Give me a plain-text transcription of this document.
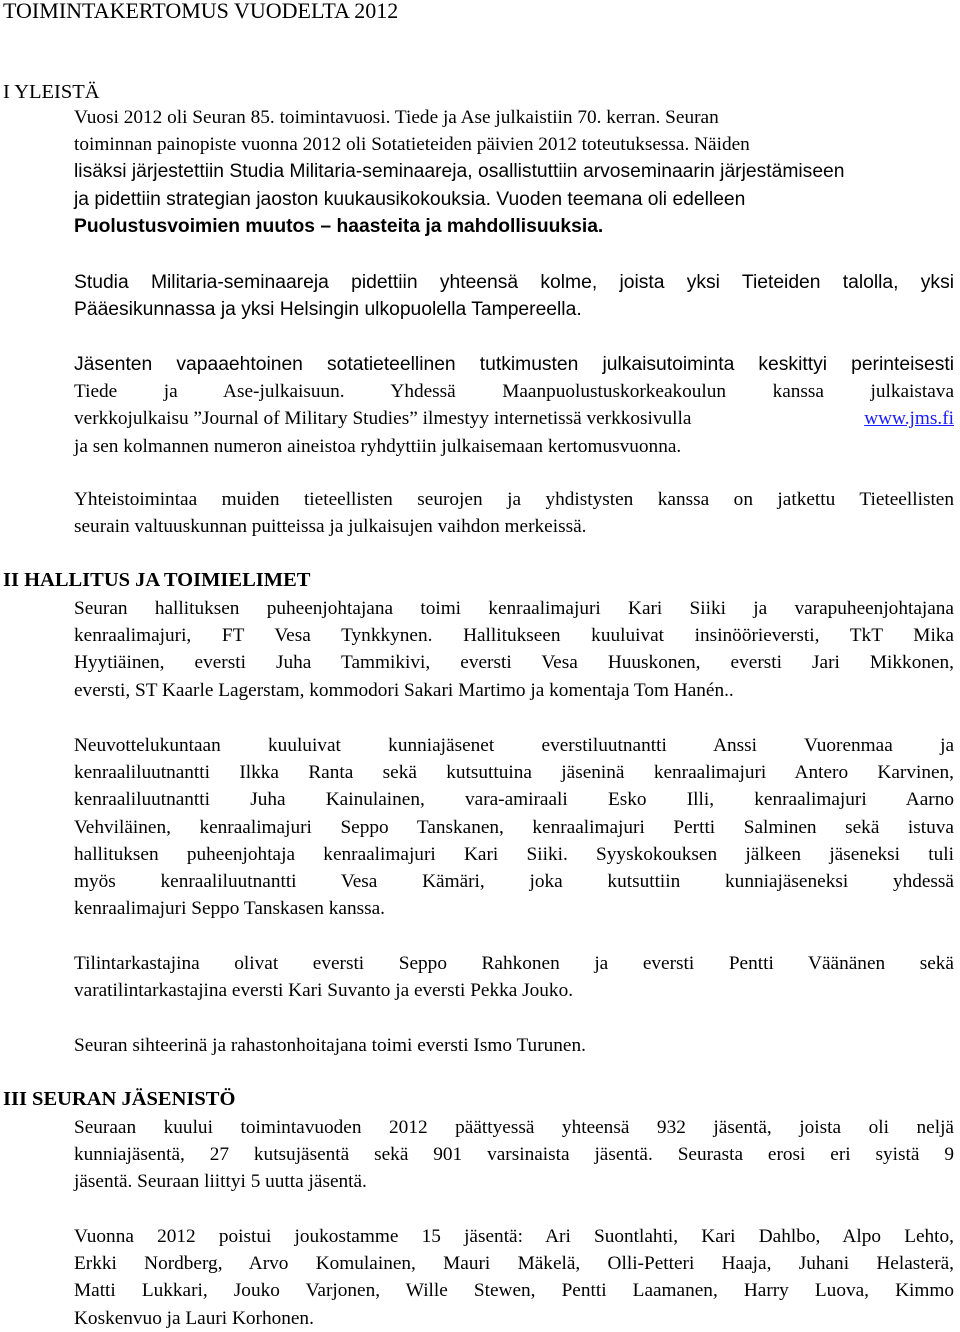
TOIMINTAKERTOMUS VUODELTA 2012
I YLEISTÄ
Vuosi 2012 oli Seuran 85. toimintavuosi. Tiede ja Ase julkaistiin 70. kerran. Seuran
toiminnan painopiste vuonna 2012 oli Sotatieteiden päivien 2012 toteutuksessa. Näiden
lisäksi järjestettiin Studia Militaria-seminaareja, osallistuttiin arvoseminaarin järjestämiseen
ja pidettiin strategian jaoston kuukausikokouksia. Vuoden teemana oli edelleen
Puolustusvoimien muutos – haasteita ja mahdollisuuksia.
Studia Militaria-seminaareja pidettiin yhteensä kolme, joista yksi Tieteiden talolla, yksi
Pääesikunnassa ja yksi Helsingin ulkopuolella Tampereella.
Jäsenten vapaaehtoinen sotatieteellinen tutkimusten julkaisutoiminta keskittyi perinteisesti
Tiede ja Ase-julkaisuun. Yhdessä Maanpuolustuskorkeakoulun kanssa julkaistava
verkkojulkaisu ”Journal of Military Studies” ilmestyy internetissä verkkosivulla	www.jms.fi
ja sen kolmannen numeron aineistoa ryhdyttiin julkaisemaan kertomusvuonna.
Yhteistoimintaa muiden tieteellisten seurojen ja yhdistysten kanssa on jatkettu Tieteellisten
seurain valtuuskunnan puitteissa ja julkaisujen vaihdon merkeissä.
II HALLITUS JA TOIMIELIMET
Seuran hallituksen puheenjohtajana toimi kenraalimajuri Kari Siiki ja varapuheenjohtajana
kenraalimajuri, FT Vesa Tynkkynen. Hallitukseen kuuluivat insinöörieversti, TkT Mika
Hyytiäinen, eversti Juha Tammikivi, eversti Vesa Huuskonen, eversti Jari Mikkonen,
eversti, ST Kaarle Lagerstam, kommodori Sakari Martimo ja komentaja Tom Hanén..
Neuvottelukuntaan kuuluivat kunniajäsenet everstiluutnantti Anssi Vuorenmaa ja
kenraaliluutnantti Ilkka Ranta sekä kutsuttuina jäseninä kenraalimajuri Antero Karvinen,
kenraaliluutnantti Juha Kainulainen, vara-amiraali Esko Illi, kenraalimajuri Aarno
Vehviläinen, kenraalimajuri Seppo Tanskanen, kenraalimajuri Pertti Salminen sekä istuva
hallituksen puheenjohtaja kenraalimajuri Kari Siiki. Syyskokouksen jälkeen jäseneksi tuli
myös kenraaliluutnantti Vesa Kämäri, joka kutsuttiin kunniajäseneksi yhdessä
kenraalimajuri Seppo Tanskasen kanssa.
Tilintarkastajina olivat eversti Seppo Rahkonen ja eversti Pentti Väänänen sekä
varatilintarkastajina eversti Kari Suvanto ja eversti Pekka Jouko.
Seuran sihteerinä ja rahastonhoitajana toimi eversti Ismo Turunen.
III SEURAN JÄSENISTÖ
Seuraan kuului toimintavuoden 2012 päättyessä yhteensä 932 jäsentä, joista oli neljä
kunniajäsentä, 27 kutsujäsentä sekä 901 varsinaista jäsentä. Seurasta erosi eri syistä 9
jäsentä. Seuraan liittyi 5 uutta jäsentä.
Vuonna 2012 poistui joukostamme 15 jäsentä: Ari Suontlahti, Kari Dahlbo, Alpo Lehto,
Erkki Nordberg, Arvo Komulainen, Mauri Mäkelä, Olli-Petteri Haaja, Juhani Helasterä,
Matti Lukkari, Jouko Varjonen, Wille Stewen, Pentti Laamanen, Harry Luova, Kimmo
Koskenvuo ja Lauri Korhonen.
